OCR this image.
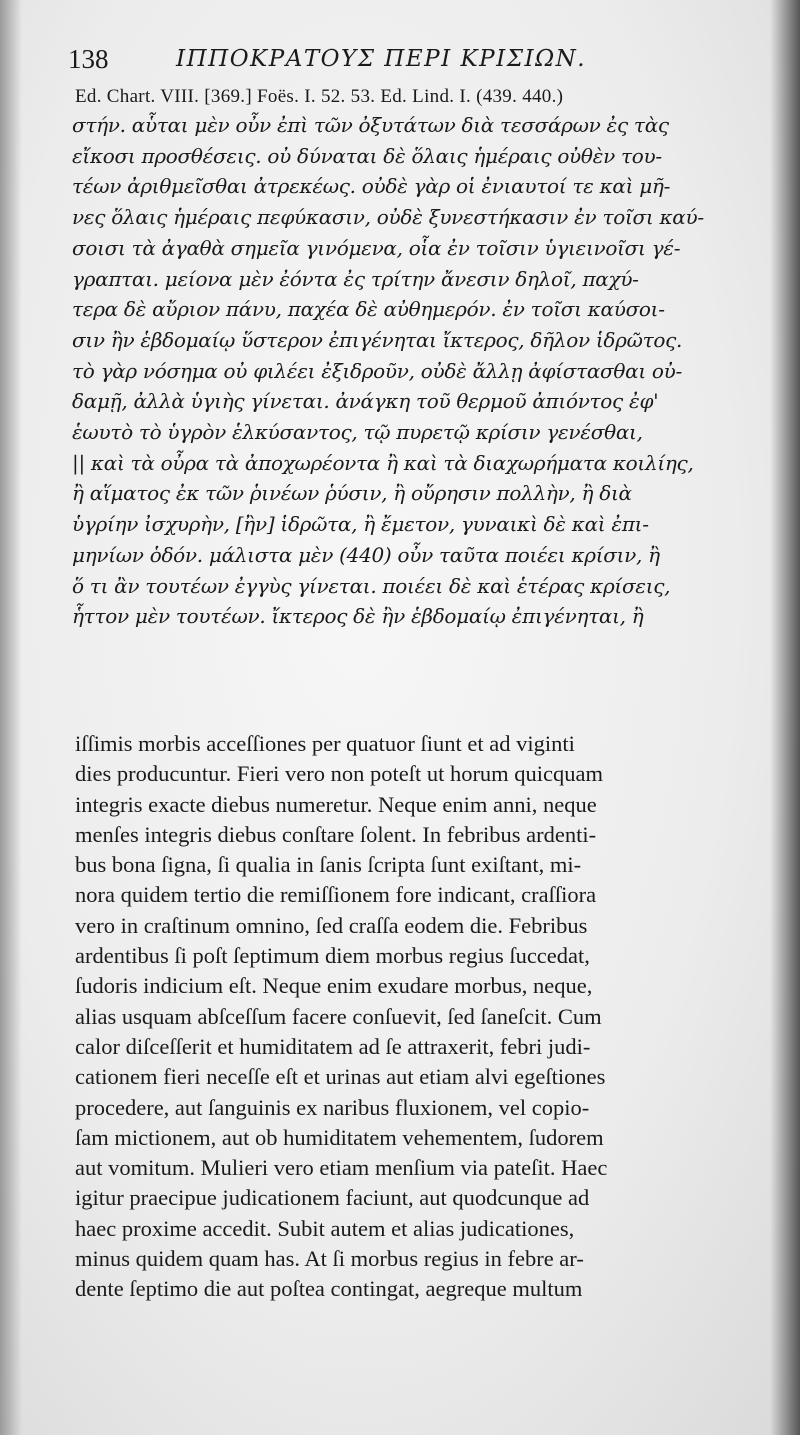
138	ΙΠΠΟΚΡΑΤΟΥΣ ΠΕΡΙ ΚΡΙΣΙΩΝ.
Ed. Chart. VIII. [369.] Foës. I. 52. 53. Ed. Lind. I. (439. 440.)
στήν. αὗται μὲν οὖν ἐπὶ τῶν ὀξυτάτων διὰ τεσσάρων ἐς τὰς
εἴκοσι προσθέσεις. οὐ δύναται δὲ ὅλαις ἡμέραις οὐθὲν του-
τέων ἀριθμεῖσθαι ἀτρεκέως. οὐδὲ γὰρ οἱ ἐνιαυτοί τε καὶ μῆ-
νες ὅλαις ἡμέραις πεφύκασιν, οὐδὲ ξυνεστήκασιν ἐν τοῖσι καύ-
σοισι τὰ ἀγαθὰ σημεῖα γινόμενα, οἷα ἐν τοῖσιν ὑγιεινοῖσι γέ-
γραπται. μείονα μὲν ἐόντα ἐς τρίτην ἄνεσιν δηλοῖ, παχύ-
τερα δὲ αὔριον πάνυ, παχέα δὲ αὐθημερόν. ἐν τοῖσι καύσοι-
σιν ἢν ἑβδομαίῳ ὕστερον ἐπιγένηται ἴκτερος, δῆλον ἱδρῶτος.
τὸ γὰρ νόσημα οὐ φιλέει ἐξιδροῦν, οὐδὲ ἄλλῃ ἀφίστασθαι οὐ-
δαμῇ, ἀλλὰ ὑγιὴς γίνεται. ἀνάγκη τοῦ θερμοῦ ἀπιόντος ἐφ'
ἑωυτὸ τὸ ὑγρὸν ἑλκύσαντος, τῷ πυρετῷ κρίσιν γενέσθαι,
|| καὶ τὰ οὖρα τὰ ἀποχωρέοντα ἢ καὶ τὰ διαχωρήματα κοιλίης,
ἢ αἵματος ἐκ τῶν ῥινέων ῥύσιν, ἢ οὔρησιν πολλὴν, ἢ διὰ
ὑγρίην ἰσχυρὴν, [ἢν] ἱδρῶτα, ἢ ἔμετον, γυναικὶ δὲ καὶ ἐπι-
μηνίων ὁδόν. μάλιστα μὲν (440) οὖν ταῦτα ποιέει κρίσιν, ἢ
ὅ τι ἂν τουτέων ἐγγὺς γίνεται. ποιέει δὲ καὶ ἑτέρας κρίσεις,
ἧττον μὲν τουτέων. ἴκτερος δὲ ἢν ἑβδομαίῳ ἐπιγένηται, ἢ
iſſimis morbis acceſſiones per quatuor ſiunt et ad viginti
dies producuntur. Fieri vero non poteſt ut horum quicquam
integris exacte diebus numeretur. Neque enim anni, neque
menſes integris diebus conſtare ſolent. In febribus ardenti-
bus bona ſigna, ſi qualia in ſanis ſcripta ſunt exiſtant, mi-
nora quidem tertio die remiſſionem fore indicant, craſſiora
vero in craſtinum omnino, ſed craſſa eodem die. Febribus
ardentibus ſi poſt ſeptimum diem morbus regius ſuccedat,
ſudoris indicium eſt. Neque enim exudare morbus, neque,
alias usquam abſceſſum facere conſuevit, ſed ſaneſcit. Cum
calor diſceſſerit et humiditatem ad ſe attraxerit, febri judi-
cationem fieri neceſſe eſt et urinas aut etiam alvi egeſtiones
procedere, aut ſanguinis ex naribus fluxionem, vel copio-
ſam mictionem, aut ob humiditatem vehementem, ſudorem
aut vomitum. Mulieri vero etiam menſium via pateſit. Haec
igitur praecipue judicationem faciunt, aut quodcunque ad
haec proxime accedit. Subit autem et alias judicationes,
minus quidem quam has. At ſi morbus regius in febre ar-
dente ſeptimo die aut poſtea contingat, aegreque multum
